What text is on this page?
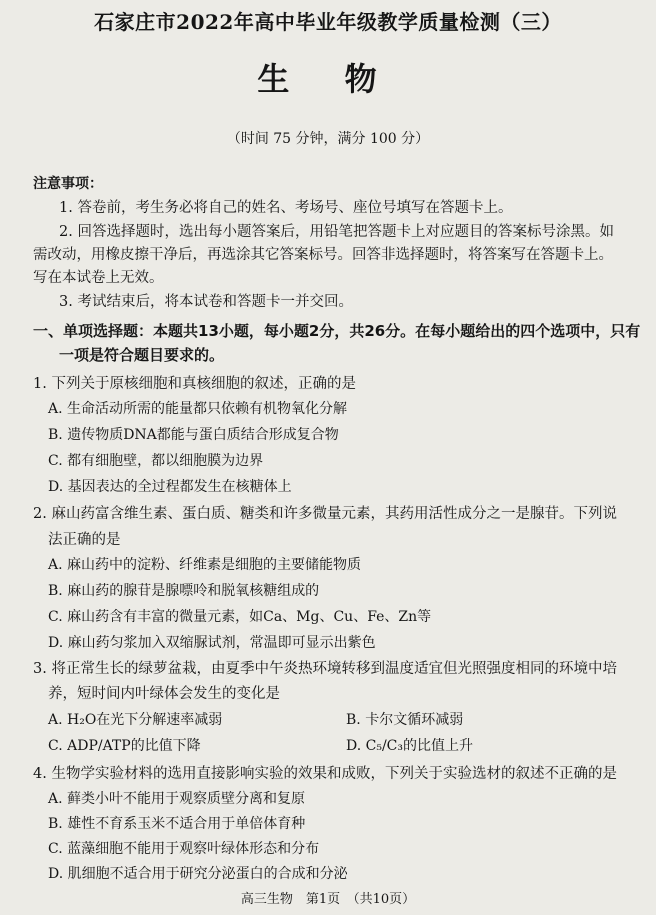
石家庄市2022年高中毕业年级教学质量检测（三）
生 物
（时间 75 分钟，满分 100 分）
注意事项：
1. 答卷前，考生务必将自己的姓名、考场号、座位号填写在答题卡上。
2. 回答选择题时，选出每小题答案后，用铅笔把答题卡上对应题目的答案标号涂黑。如
需改动，用橡皮擦干净后，再选涂其它答案标号。回答非选择题时，将答案写在答题卡上。
写在本试卷上无效。
3. 考试结束后，将本试卷和答题卡一并交回。
一、单项选择题：本题共13小题，每小题2分，共26分。在每小题给出的四个选项中，只有
一项是符合题目要求的。
1. 下列关于原核细胞和真核细胞的叙述，正确的是
A. 生命活动所需的能量都只依赖有机物氧化分解
B. 遗传物质DNA都能与蛋白质结合形成复合物
C. 都有细胞壁，都以细胞膜为边界
D. 基因表达的全过程都发生在核糖体上
2. 麻山药富含维生素、蛋白质、糖类和许多微量元素，其药用活性成分之一是腺苷。下列说
法正确的是
A. 麻山药中的淀粉、纤维素是细胞的主要储能物质
B. 麻山药的腺苷是腺嘌呤和脱氧核糖组成的
C. 麻山药含有丰富的微量元素，如Ca、Mg、Cu、Fe、Zn等
D. 麻山药匀浆加入双缩脲试剂，常温即可显示出紫色
3. 将正常生长的绿萝盆栽，由夏季中午炎热环境转移到温度适宜但光照强度相同的环境中培
养，短时间内叶绿体会发生的变化是
A. H₂O在光下分解速率减弱	B. 卡尔文循环减弱
C. ADP/ATP的比值下降	D. C₅/C₃的比值上升
4. 生物学实验材料的选用直接影响实验的效果和成败，下列关于实验选材的叙述不正确的是
A. 藓类小叶不能用于观察质壁分离和复原
B. 雄性不育系玉米不适合用于单倍体育种
C. 蓝藻细胞不能用于观察叶绿体形态和分布
D. 肌细胞不适合用于研究分泌蛋白的合成和分泌
高三生物　第1页　（共10页）
